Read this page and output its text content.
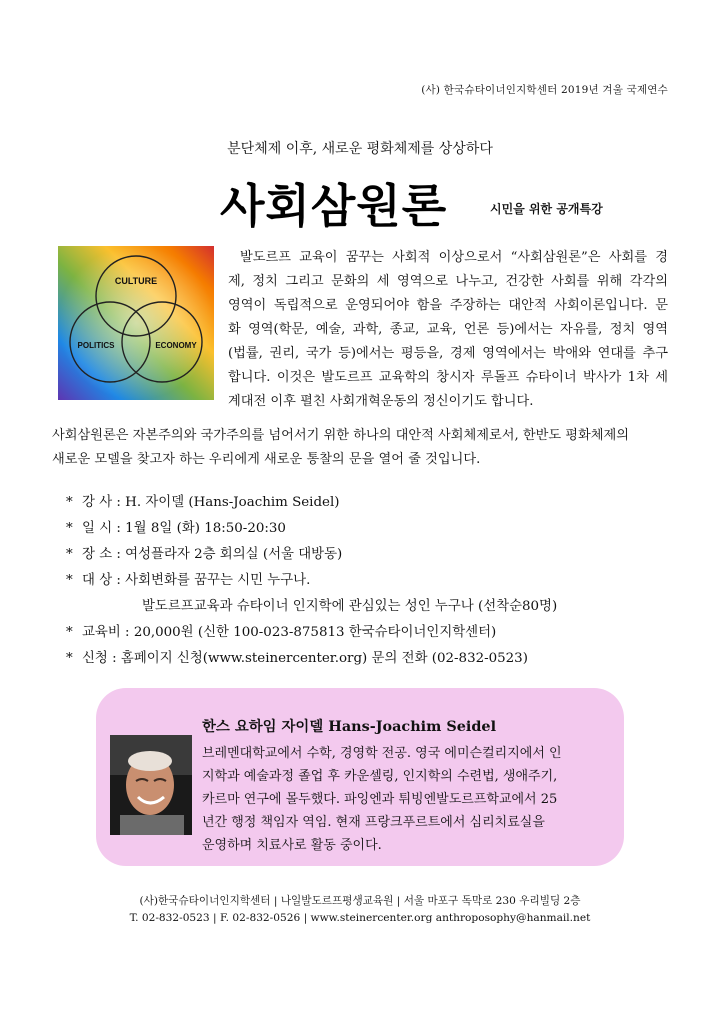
(사) 한국슈타이너인지학센터 2019년 겨울 국제연수
분단체제 이후, 새로운 평화체제를 상상하다
사회삼원론	시민을 위한 공개특강
CULTURE
POLITICS	ECONOMY
발도르프 교육이 꿈꾸는 사회적 이상으로서 “사회삼원론”은 사회를 경
제, 정치 그리고 문화의 세 영역으로 나누고, 건강한 사회를 위해 각각의
영역이 독립적으로 운영되어야 함을 주장하는 대안적 사회이론입니다. 문
화 영역(학문, 예술, 과학, 종교, 교육, 언론 등)에서는 자유를, 정치 영역
(법률, 권리, 국가 등)에서는 평등을, 경제 영역에서는 박애와 연대를 추구
합니다. 이것은 발도르프 교육학의 창시자 루돌프 슈타이너 박사가 1차 세
계대전 이후 펼친 사회개혁운동의 정신이기도 합니다.
사회삼원론은 자본주의와 국가주의를 넘어서기 위한 하나의 대안적 사회체제로서, 한반도 평화체제의
새로운 모델을 찾고자 하는 우리에게 새로운 통찰의 문을 열어 줄 것입니다.
* 강 사 : H. 자이델 (Hans-Joachim Seidel)
* 일 시 : 1월 8일 (화) 18:50-20:30
* 장 소 : 여성플라자 2층 회의실 (서울 대방동)
* 대 상 : 사회변화를 꿈꾸는 시민 누구나.
발도르프교육과 슈타이너 인지학에 관심있는 성인 누구나 (선착순80명)
* 교육비 : 20,000원 (신한 100-023-875813 한국슈타이너인지학센터)
* 신청 : 홈페이지 신청(www.steinercenter.org) 문의 전화 (02-832-0523)
한스 요하임 자이델 Hans-Joachim Seidel
브레멘대학교에서 수학, 경영학 전공. 영국 에미슨컬리지에서 인
지학과 예술과정 졸업 후 카운셀링, 인지학의 수련법, 생애주기,
카르마 연구에 몰두했다. 파잉엔과 튀빙엔발도르프학교에서 25
년간 행정 책임자 역임. 현재 프랑크푸르트에서 심리치료실을
운영하며 치료사로 활동 중이다.
(사)한국슈타이너인지학센터 | 나일발도르프평생교육원 | 서울 마포구 독막로 230 우리빌딩 2층
T. 02-832-0523 | F. 02-832-0526 | www.steinercenter.org anthroposophy@hanmail.net
